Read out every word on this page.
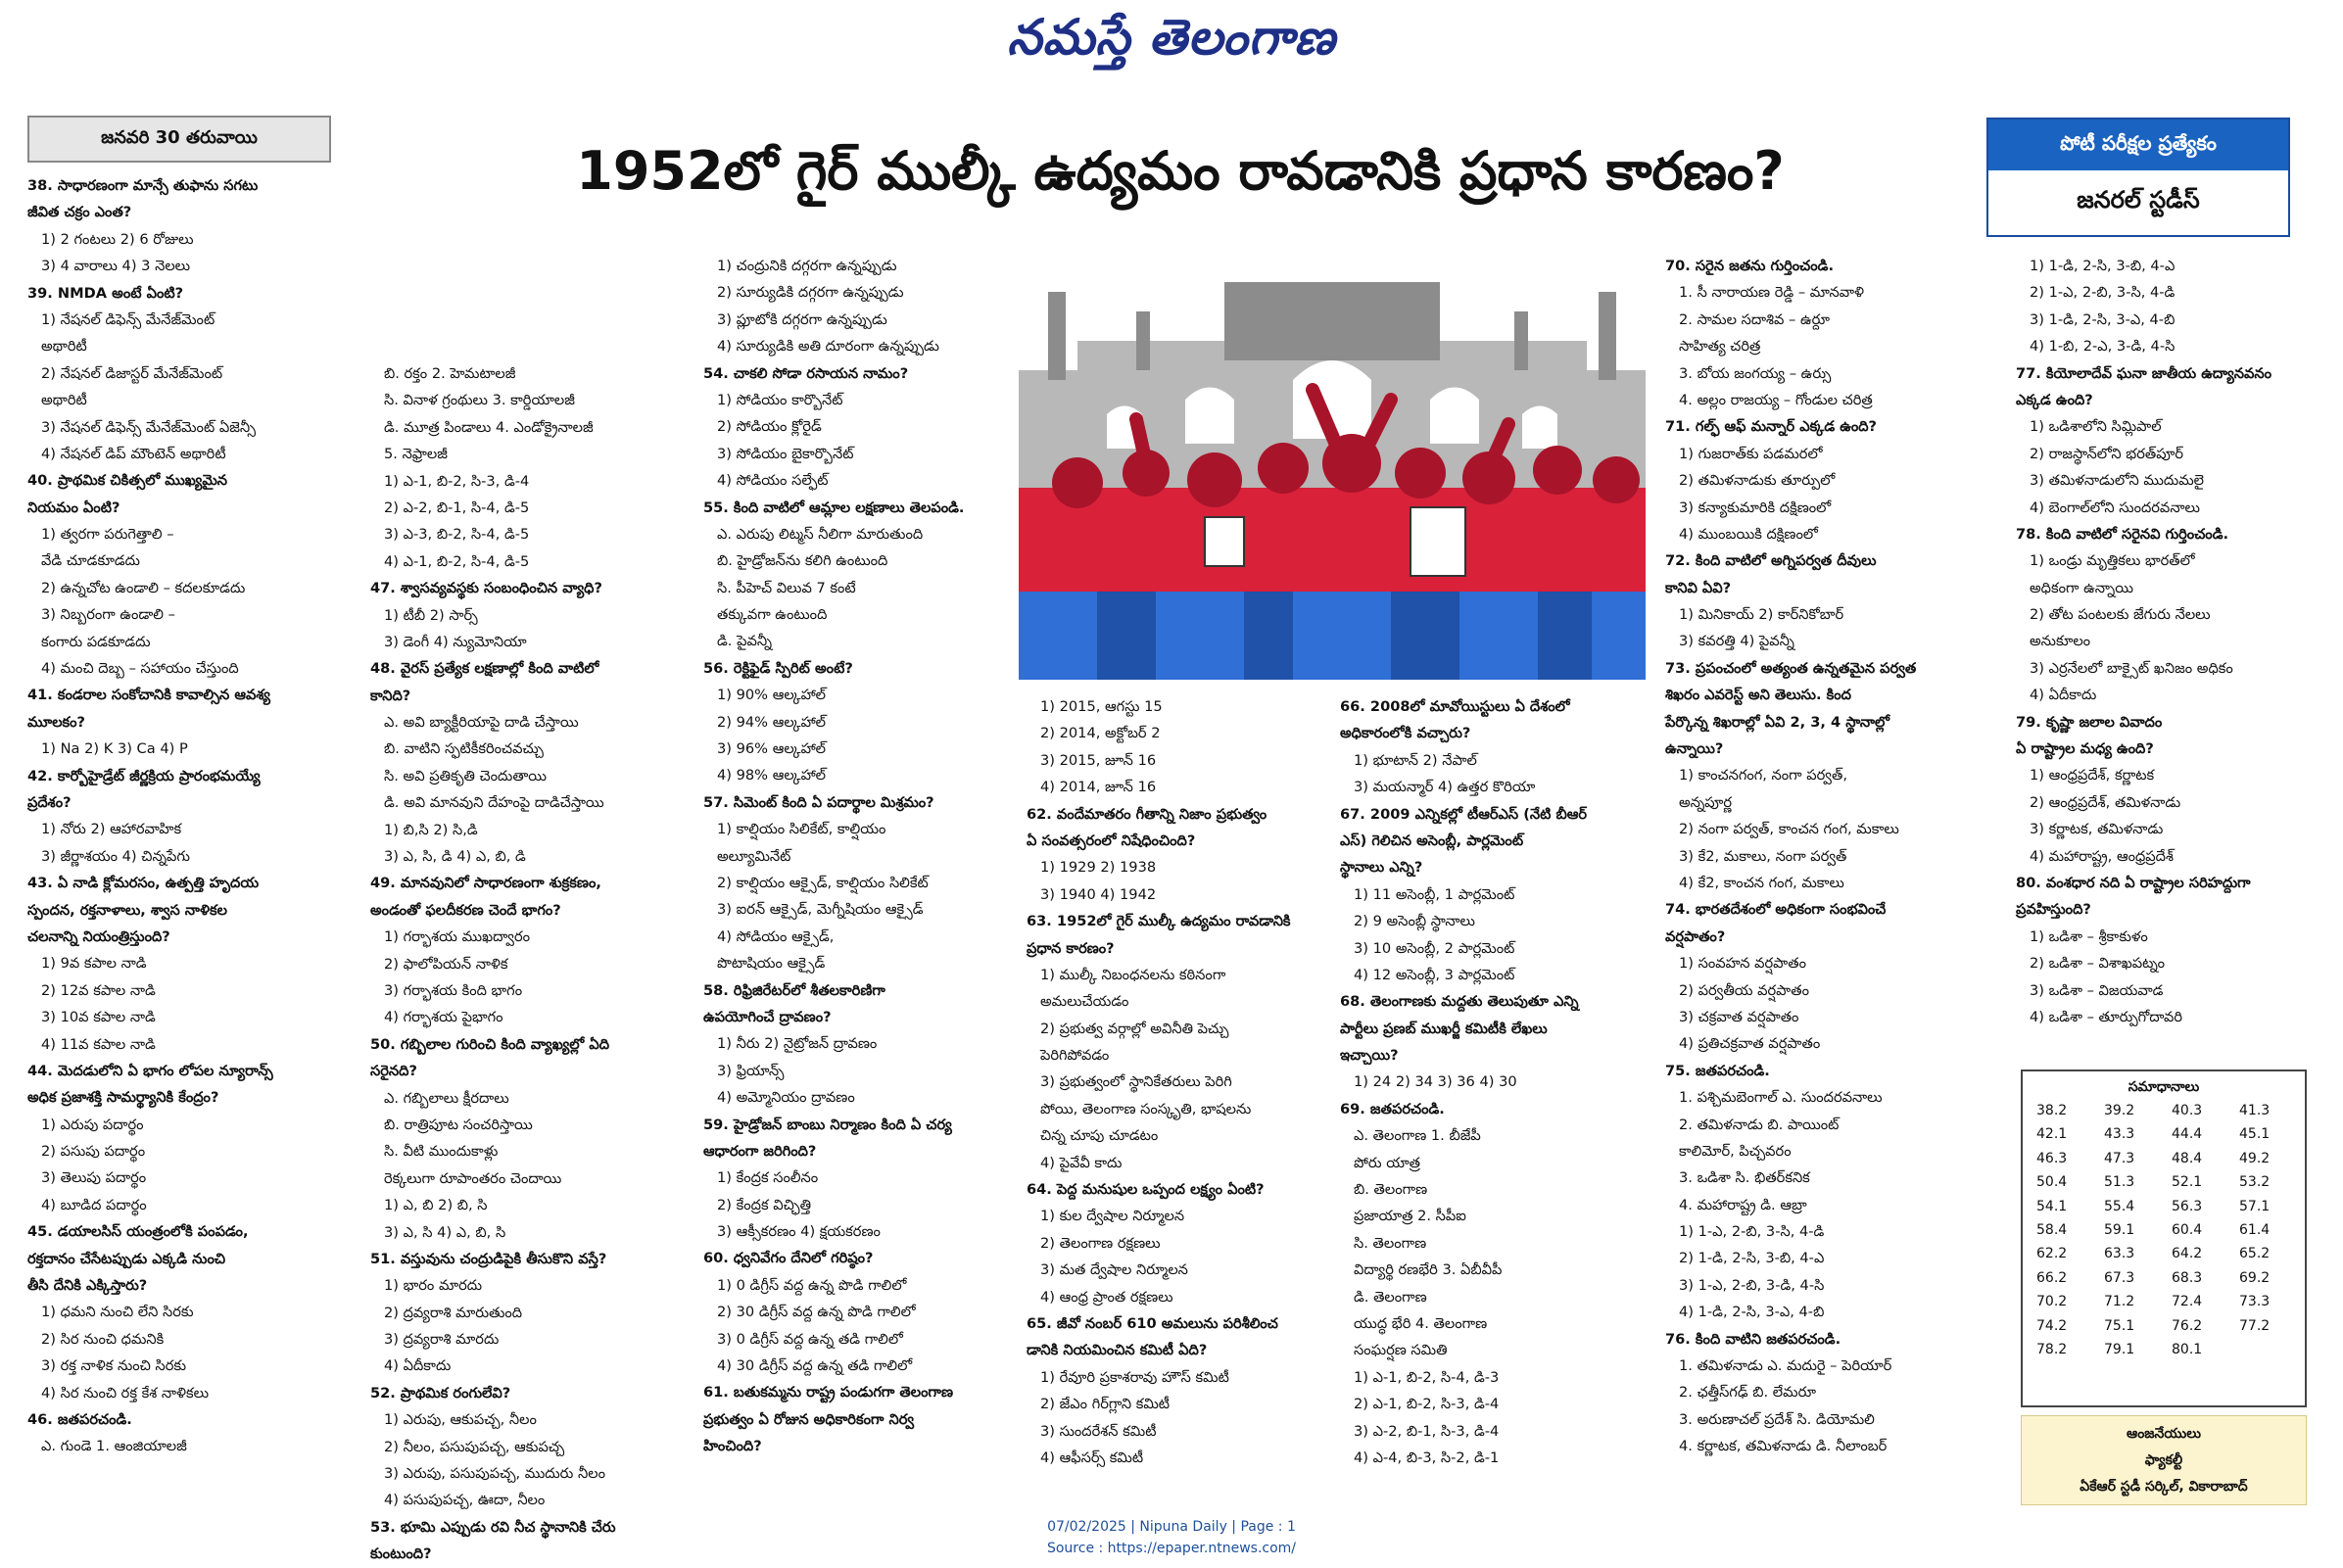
నమస్తే తెలంగాణ
జనవరి 30 తరువాయి
1952లో గైర్ ముల్కీ ఉద్యమం రావడానికి ప్రధాన కారణం?	పోటీ పరీక్షల ప్రత్యేకం
జనరల్ స్టడీస్
38. సాధారణంగా మాన్సే తుఫాను సగటు
జీవిత చక్రం ఎంత?
1) 2 గంటలు 2) 6 రోజులు
3) 4 వారాలు 4) 3 నెలలు
39. NMDA అంటే ఏంటి?
1) నేషనల్ డిఫెన్స్ మేనేజ్‌మెంట్
అథారిటీ
2) నేషనల్ డిజాస్టర్ మేనేజ్‌మెంట్
అథారిటీ
3) నేషనల్ డిఫెన్స్ మేనేజ్‌మెంట్ ఏజెన్సీ
4) నేషనల్ డిప్ మౌంటెన్ అథారిటీ
40. ప్రాథమిక చికిత్సలో ముఖ్యమైన
నియమం ఏంటి?
1) త్వరగా పరుగెత్తాలి –
వేడి చూడకూడదు
2) ఉన్నచోట ఉండాలి – కదలకూడదు
3) నిబ్బరంగా ఉండాలి –
కంగారు పడకూడదు
4) మంచి దెబ్బ – సహాయం చేస్తుంది
41. కండరాల సంకోచానికి కావాల్సిన ఆవశ్య
మూలకం?
1) Na 2) K 3) Ca 4) P
42. కార్బోహైడ్రేట్ జీర్ణక్రియ ప్రారంభమయ్యే
ప్రదేశం?
1) నోరు 2) ఆహారవాహిక
3) జీర్ణాశయం 4) చిన్నపేగు
43. ఏ నాడి క్లోమరసం, ఉత్పత్తి హృదయ
స్పందన, రక్తనాళాలు, శ్వాస నాళికల
చలనాన్ని నియంత్రిస్తుంది?
1) 9వ కపాల నాడి
2) 12వ కపాల నాడి
3) 10వ కపాల నాడి
4) 11వ కపాల నాడి
44. మెదడులోని ఏ భాగం లోపల న్యూరాన్స్
అధిక ప్రజాశక్తి సామర్థ్యానికి కేంద్రం?
1) ఎరుపు పదార్థం
2) పసుపు పదార్థం
3) తెలుపు పదార్థం
4) బూడిద పదార్థం
45. డయాలసిస్ యంత్రంలోకి పంపడం,
రక్తదానం చేసేటప్పుడు ఎక్కడి నుంచి
తీసి దేనికి ఎక్కిస్తారు?
1) ధమని నుంచి లేని సిరకు
2) సిర నుంచి ధమనికి
3) రక్త నాళిక నుంచి సిరకు
4) సిర నుంచి రక్త కేశ నాళికలు
46. జతపరచండి.
ఎ. గుండె 1. ఆంజియాలజీ
బి. రక్తం 2. హెమటాలజీ
సి. వినాళ గ్రంథులు 3. కార్డియాలజీ
డి. మూత్ర పిండాలు 4. ఎండోక్రైనాలజీ
5. నెఫ్రాలజీ
1) ఎ-1, బి-2, సి-3, డి-4
2) ఎ-2, బి-1, సి-4, డి-5
3) ఎ-3, బి-2, సి-4, డి-5
4) ఎ-1, బి-2, సి-4, డి-5
47. శ్వాసవ్యవస్థకు సంబంధించిన వ్యాధి?
1) టీబీ 2) సార్స్
3) డెంగీ 4) న్యుమోనియా
48. వైరస్ ప్రత్యేక లక్షణాల్లో కింది వాటిలో
కానిది?
ఎ. అవి బ్యాక్టీరియాపై దాడి చేస్తాయి
బి. వాటిని స్ఫటికీకరించవచ్చు
సి. అవి ప్రతికృతి చెందుతాయి
డి. అవి మానవుని దేహంపై దాడిచేస్తాయి
1) బి,సి 2) సి,డి
3) ఎ, సి, డి 4) ఎ, బి, డి
49. మానవునిలో సాధారణంగా శుక్రకణం,
అండంతో ఫలదీకరణ చెందే భాగం?
1) గర్భాశయ ముఖద్వారం
2) ఫాలోపియన్ నాళిక
3) గర్భాశయ కింది భాగం
4) గర్భాశయ పైభాగం
50. గబ్బిలాల గురించి కింది వ్యాఖ్యల్లో ఏది
సరైనది?
ఎ. గబ్బిలాలు క్షీరదాలు
బి. రాత్రిపూట సంచరిస్తాయి
సి. వీటి ముందుకాళ్లు
రెక్కలుగా రూపాంతరం చెందాయి
1) ఎ, బి 2) బి, సి
3) ఎ, సి 4) ఎ, బి, సి
51. వస్తువును చంద్రుడిపైకి తీసుకొని వస్తే?
1) భారం మారదు
2) ద్రవ్యరాశి మారుతుంది
3) ద్రవ్యరాశి మారదు
4) ఏదీకాదు
52. ప్రాథమిక రంగులేవి?
1) ఎరుపు, ఆకుపచ్చ, నీలం
2) నీలం, పసుపుపచ్చ, ఆకుపచ్చ
3) ఎరుపు, పసుపుపచ్చ, ముదురు నీలం
4) పసుపుపచ్చ, ఊదా, నీలం
53. భూమి ఎప్పుడు రవి నీచ స్థానానికి చేరు
కుంటుంది?
1) చంద్రునికి దగ్గరగా ఉన్నప్పుడు
2) సూర్యుడికి దగ్గరగా ఉన్నప్పుడు
3) ప్లూటోకి దగ్గరగా ఉన్నప్పుడు
4) సూర్యుడికి అతి దూరంగా ఉన్నప్పుడు
54. చాకలి సోడా రసాయన నామం?
1) సోడియం కార్బొనేట్
2) సోడియం క్లోరైడ్
3) సోడియం బైకార్బొనేట్
4) సోడియం సల్ఫేట్
55. కింది వాటిలో ఆమ్లాల లక్షణాలు తెలపండి.
ఎ. ఎరుపు లిట్మస్ నీలిగా మారుతుంది
బి. హైడ్రోజన్‌ను కలిగి ఉంటుంది
సి. పీహెచ్ విలువ 7 కంటే
తక్కువగా ఉంటుంది
డి. పైవన్నీ
56. రెక్టిఫైడ్ స్పిరిట్ అంటే?
1) 90% ఆల్కహాల్
2) 94% ఆల్కహాల్
3) 96% ఆల్కహాల్
4) 98% ఆల్కహాల్
57. సిమెంట్ కింది ఏ పదార్థాల మిశ్రమం?
1) కాల్షియం సిలికేట్, కాల్షియం
అల్యూమినేట్
2) కాల్షియం ఆక్సైడ్, కాల్షియం సిలికేట్
3) ఐరన్ ఆక్సైడ్, మెగ్నీషియం ఆక్సైడ్
4) సోడియం ఆక్సైడ్,
పొటాషియం ఆక్సైడ్
58. రిఫ్రిజిరేటర్‌లో శీతలకారిణిగా
ఉపయోగించే ద్రావణం?
1) నీరు 2) నైట్రోజన్ ద్రావణం
3) ఫ్రియాన్స్
4) అమ్మోనియం ద్రావణం
59. హైడ్రోజన్ బాంబు నిర్మాణం కింది ఏ చర్య
ఆధారంగా జరిగింది?
1) కేంద్రక సంలీనం
2) కేంద్రక విచ్ఛిత్తి
3) ఆక్సీకరణం 4) క్షయకరణం
60. ధ్వనివేగం దేనిలో గరిష్ఠం?
1) 0 డిగ్రీస్ వద్ద ఉన్న పొడి గాలిలో
2) 30 డిగ్రీస్ వద్ద ఉన్న పొడి గాలిలో
3) 0 డిగ్రీస్ వద్ద ఉన్న తడి గాలిలో
4) 30 డిగ్రీస్ వద్ద ఉన్న తడి గాలిలో
61. బతుకమ్మను రాష్ట్ర పండుగగా తెలంగాణ
ప్రభుత్వం ఏ రోజున అధికారికంగా నిర్వ
హించింది?
1) 2015, ఆగస్టు 15
2) 2014, అక్టోబర్ 2
3) 2015, జూన్ 16
4) 2014, జూన్ 16
62. వందేమాతరం గీతాన్ని నిజాం ప్రభుత్వం
ఏ సంవత్సరంలో నిషేధించింది?
1) 1929 2) 1938
3) 1940 4) 1942
63. 1952లో గైర్ ముల్కీ ఉద్యమం రావడానికి
ప్రధాన కారణం?
1) ముల్కీ నిబంధనలను కఠినంగా
అమలుచేయడం
2) ప్రభుత్వ వర్గాల్లో అవినీతి పెచ్చు
పెరిగిపోవడం
3) ప్రభుత్వంలో స్థానికేతరులు పెరిగి
పోయి, తెలంగాణ సంస్కృతి, భాషలను
చిన్న చూపు చూడటం
4) పైవేవీ కాదు
64. పెద్ద మనుషుల ఒప్పంద లక్ష్యం ఏంటి?
1) కుల ద్వేషాల నిర్మూలన
2) తెలంగాణ రక్షణలు
3) మత ద్వేషాల నిర్మూలన
4) ఆంధ్ర ప్రాంత రక్షణలు
65. జీవో నంబర్ 610 అమలును పరిశీలించ
డానికి నియమించిన కమిటీ ఏది?
1) రేవూరి ప్రకాశరావు హౌస్ కమిటీ
2) జేఎం గిర్‌గ్లాని కమిటీ
3) సుందరేశన్ కమిటీ
4) ఆఫీసర్స్ కమిటీ
66. 2008లో మావోయిస్టులు ఏ దేశంలో
అధికారంలోకి వచ్చారు?
1) భూటాన్ 2) నేపాల్
3) మయన్మార్ 4) ఉత్తర కొరియా
67. 2009 ఎన్నికల్లో టీఆర్ఎస్ (నేటి బీఆర్
ఎస్) గెలిచిన అసెంబ్లీ, పార్లమెంట్
స్థానాలు ఎన్ని?
1) 11 అసెంబ్లీ, 1 పార్లమెంట్
2) 9 అసెంబ్లీ స్థానాలు
3) 10 అసెంబ్లీ, 2 పార్లమెంట్
4) 12 అసెంబ్లీ, 3 పార్లమెంట్
68. తెలంగాణకు మద్దతు తెలుపుతూ ఎన్ని
పార్టీలు ప్రణబ్ ముఖర్జీ కమిటీకి లేఖలు
ఇచ్చాయి?
1) 24 2) 34 3) 36 4) 30
69. జతపరచండి.
ఎ. తెలంగాణ 1. బీజేపీ
పోరు యాత్ర
బి. తెలంగాణ
ప్రజాయాత్ర 2. సీపీఐ
సి. తెలంగాణ
విద్యార్థి రణభేరి 3. ఏబీవీపీ
డి. తెలంగాణ
యుద్ధ భేరి 4. తెలంగాణ
సంఘర్షణ సమితి
1) ఎ-1, బి-2, సి-4, డి-3
2) ఎ-1, బి-2, సి-3, డి-4
3) ఎ-2, బి-1, సి-3, డి-4
4) ఎ-4, బి-3, సి-2, డి-1
70. సరైన జతను గుర్తించండి.
1. సీ నారాయణ రెడ్డి – మానవాళి
2. సామల సదాశివ – ఉర్దూ
సాహిత్య చరిత్ర
3. బోయ జంగయ్య – ఉర్సు
4. అల్లం రాజయ్య – గోండుల చరిత్ర
71. గల్ఫ్ ఆఫ్ మన్నార్ ఎక్కడ ఉంది?
1) గుజరాత్‌కు పడమరలో
2) తమిళనాడుకు తూర్పులో
3) కన్యాకుమారికి దక్షిణంలో
4) ముంబయికి దక్షిణంలో
72. కింది వాటిలో అగ్నిపర్వత దీవులు
కానివి ఏవి?
1) మినికాయ్ 2) కార్‌నికోబార్
3) కవరత్తి 4) పైవన్నీ
73. ప్రపంచంలో అత్యంత ఉన్నతమైన పర్వత
శిఖరం ఎవరెస్ట్ అని తెలుసు. కింద
పేర్కొన్న శిఖరాల్లో ఏవి 2, 3, 4 స్థానాల్లో
ఉన్నాయి?
1) కాంచనగంగ, నంగా పర్వత్,
అన్నపూర్ణ
2) నంగా పర్వత్, కాంచన గంగ, మకాలు
3) కే2, మకాలు, నంగా పర్వత్
4) కే2, కాంచన గంగ, మకాలు
74. భారతదేశంలో అధికంగా సంభవించే
వర్షపాతం?
1) సంవహన వర్షపాతం
2) పర్వతీయ వర్షపాతం
3) చక్రవాత వర్షపాతం
4) ప్రతిచక్రవాత వర్షపాతం
75. జతపరచండి.
1. పశ్చిమబెంగాల్ ఎ. సుందరవనాలు
2. తమిళనాడు బి. పాయింట్
కాలిమోర్, పిచ్చవరం
3. ఒడిశా సి. భితర్‌కనిక
4. మహారాష్ట్ర డి. ఆబ్రా
1) 1-ఎ, 2-బి, 3-సి, 4-డి
2) 1-డి, 2-సి, 3-బి, 4-ఎ
3) 1-ఎ, 2-బి, 3-డి, 4-సి
4) 1-డి, 2-సి, 3-ఎ, 4-బి
76. కింది వాటిని జతపరచండి.
1. తమిళనాడు ఎ. మదురై – పెరియార్
2. ఛత్తీస్‌గఢ్ బి. లేమరూ
3. అరుణాచల్ ప్రదేశ్ సి. డియోమలి
4. కర్ణాటక, తమిళనాడు డి. నీలాంబర్
1) 1-డి, 2-సి, 3-బి, 4-ఎ
2) 1-ఎ, 2-బి, 3-సి, 4-డి
3) 1-డి, 2-సి, 3-ఎ, 4-బి
4) 1-బి, 2-ఎ, 3-డి, 4-సి
77. కియోలాదేవ్ ఘనా జాతీయ ఉద్యానవనం
ఎక్కడ ఉంది?
1) ఒడిశాలోని సిమ్లిపాల్
2) రాజస్థాన్‌లోని భరత్‌పూర్
3) తమిళనాడులోని ముదుమలై
4) బెంగాల్‌లోని సుందరవనాలు
78. కింది వాటిలో సరైనవి గుర్తించండి.
1) ఒండ్రు మృత్తికలు భారత్‌లో
అధికంగా ఉన్నాయి
2) తోట పంటలకు జేగురు నేలలు
అనుకూలం
3) ఎర్రనేలలో బాక్సైట్ ఖనిజం అధికం
4) ఏదీకాదు
79. కృష్ణా జలాల వివాదం
ఏ రాష్ట్రాల మధ్య ఉంది?
1) ఆంధ్రప్రదేశ్, కర్ణాటక
2) ఆంధ్రప్రదేశ్, తమిళనాడు
3) కర్ణాటక, తమిళనాడు
4) మహారాష్ట్ర, ఆంధ్రప్రదేశ్
80. వంశధార నది ఏ రాష్ట్రాల సరిహద్దుగా
ప్రవహిస్తుంది?
1) ఒడిశా – శ్రీకాకుళం
2) ఒడిశా – విశాఖపట్నం
3) ఒడిశా – విజయవాడ
4) ఒడిశా – తూర్పుగోదావరి
సమాధానాలు
38.2	39.2	40.3	41.3
42.1	43.3	44.4	45.1
46.3	47.3	48.4	49.2
50.4	51.3	52.1	53.2
54.1	55.4	56.3	57.1
58.4	59.1	60.4	61.4
62.2	63.3	64.2	65.2
66.2	67.3	68.3	69.2
70.2	71.2	72.4	73.3
74.2	75.1	76.2	77.2
78.2	79.1	80.1
ఆంజనేయులు
ఫ్యాకల్టీ
ఏకేఆర్ స్టడీ సర్కిల్, వికారాబాద్
07/02/2025 | Nipuna Daily | Page : 1
Source : https://epaper.ntnews.com/
